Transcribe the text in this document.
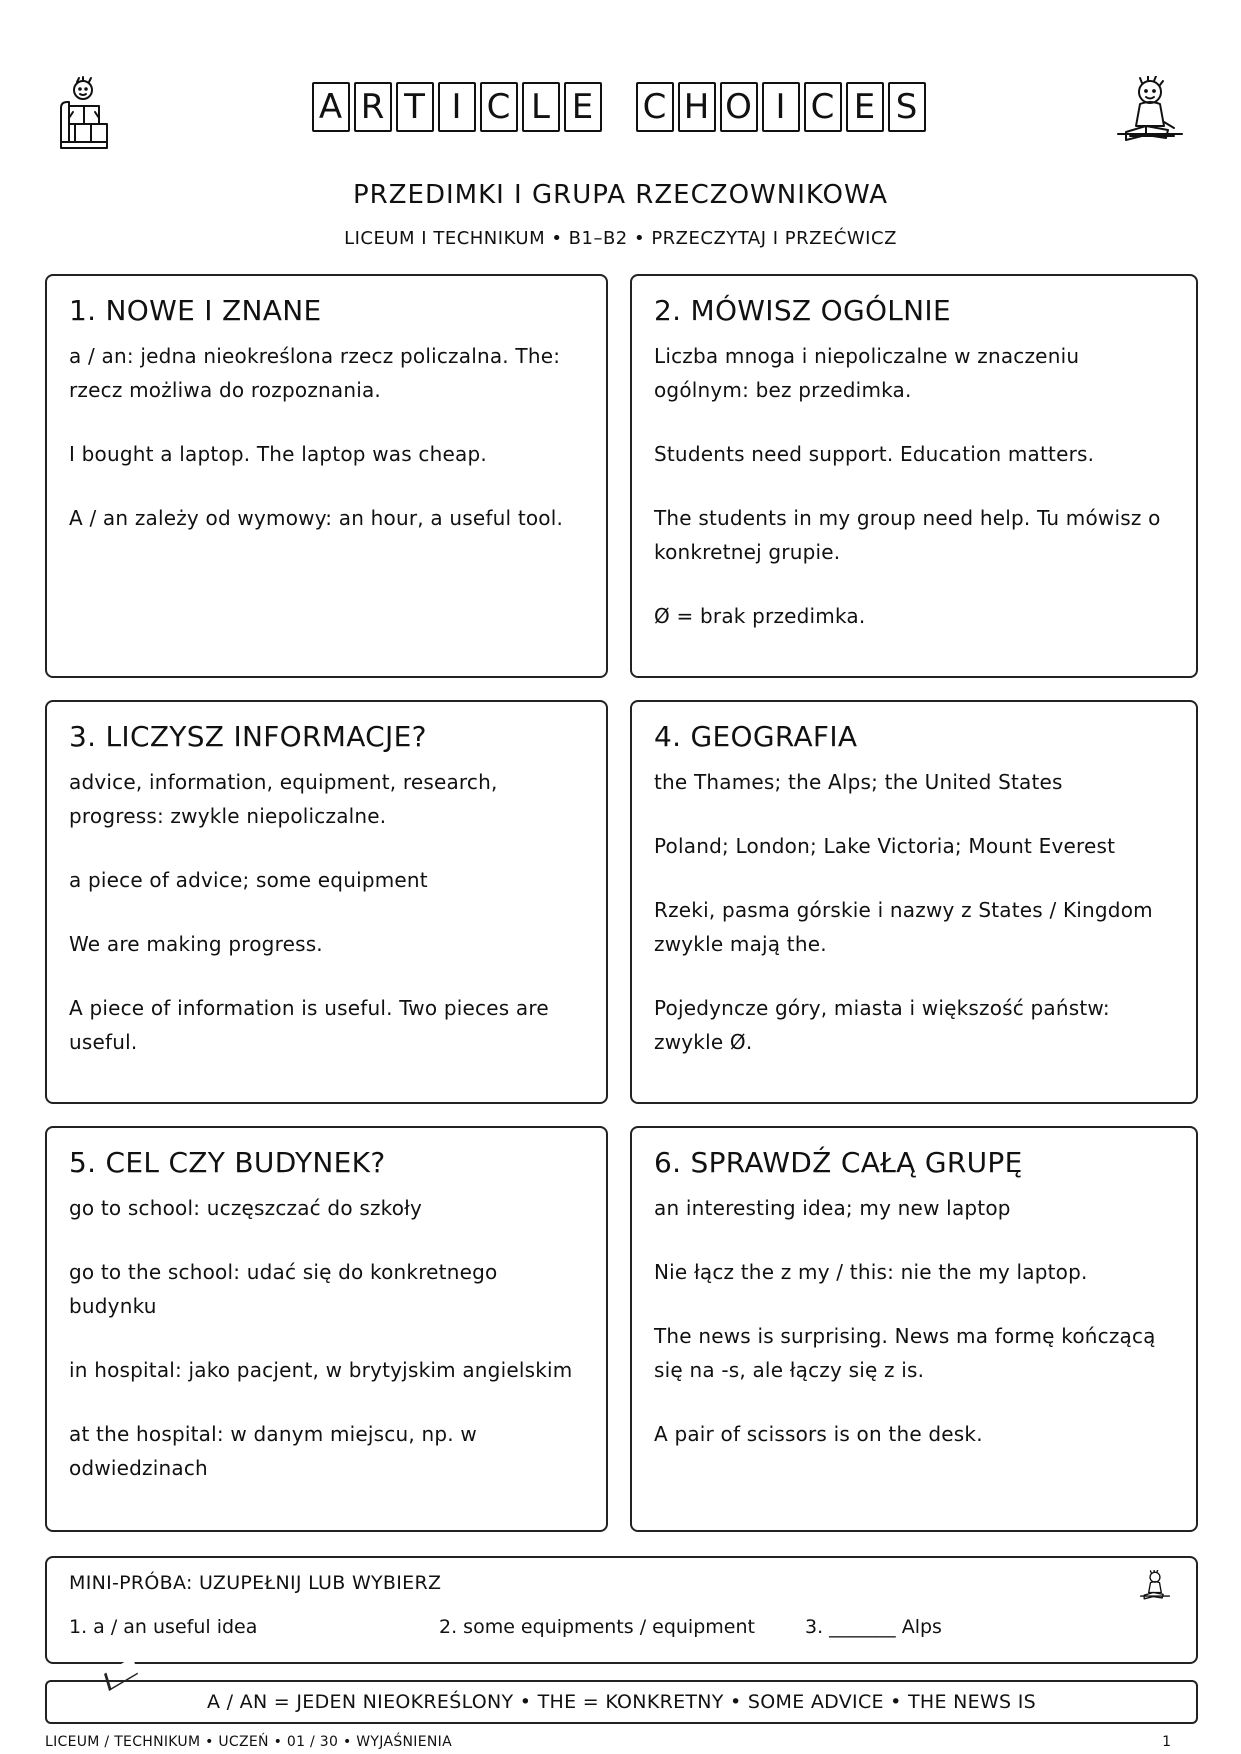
A R T I C L E C H O I C E S
PRZEDIMKI I GRUPA RZECZOWNIKOWA
LICEUM I TECHNIKUM • B1–B2 • PRZECZYTAJ I PRZEĆWICZ
1. NOWE I ZNANE

a / an: jedna nieokreślona rzecz policzalna. The: rzecz możliwa do rozpoznania.

I bought a laptop. The laptop was cheap.

A / an zależy od wymowy: an hour, a useful tool.

2. MÓWISZ OGÓLNIE

Liczba mnoga i niepoliczalne w znaczeniu ogólnym: bez przedimka.

Students need support. Education matters.

The students in my group need help. Tu mówisz o konkretnej grupie.

Ø = brak przedimka.

3. LICZYSZ INFORMACJE?

advice, information, equipment, research, progress: zwykle niepoliczalne.

a piece of advice; some equipment

We are making progress.

A piece of information is useful. Two pieces are useful.

4. GEOGRAFIA

the Thames; the Alps; the United States

Poland; London; Lake Victoria; Mount Everest

Rzeki, pasma górskie i nazwy z States / Kingdom zwykle mają the.

Pojedyncze góry, miasta i większość państw: zwykle Ø.

5. CEL CZY BUDYNEK?

go to school: uczęszczać do szkoły

go to the school: udać się do konkretnego budynku

in hospital: jako pacjent, w brytyjskim angielskim

at the hospital: w danym miejscu, np. w odwiedzinach

6. SPRAWDŹ CAŁĄ GRUPĘ

an interesting idea; my new laptop

Nie łącz the z my / this: nie the my laptop.

The news is surprising. News ma formę kończącą się na -s, ale łączy się z is.

A pair of scissors is on the desk.

MINI-PRÓBA: UZUPEŁNIJ LUB WYBIERZ
1. a / an useful idea	2. some equipments / equipment	3. _______ Alps
A / AN = JEDEN NIEOKREŚLONY • THE = KONKRETNY • SOME ADVICE • THE NEWS IS
LICEUM / TECHNIKUM • UCZEŃ • 01 / 30 • WYJAŚNIENIA	1
